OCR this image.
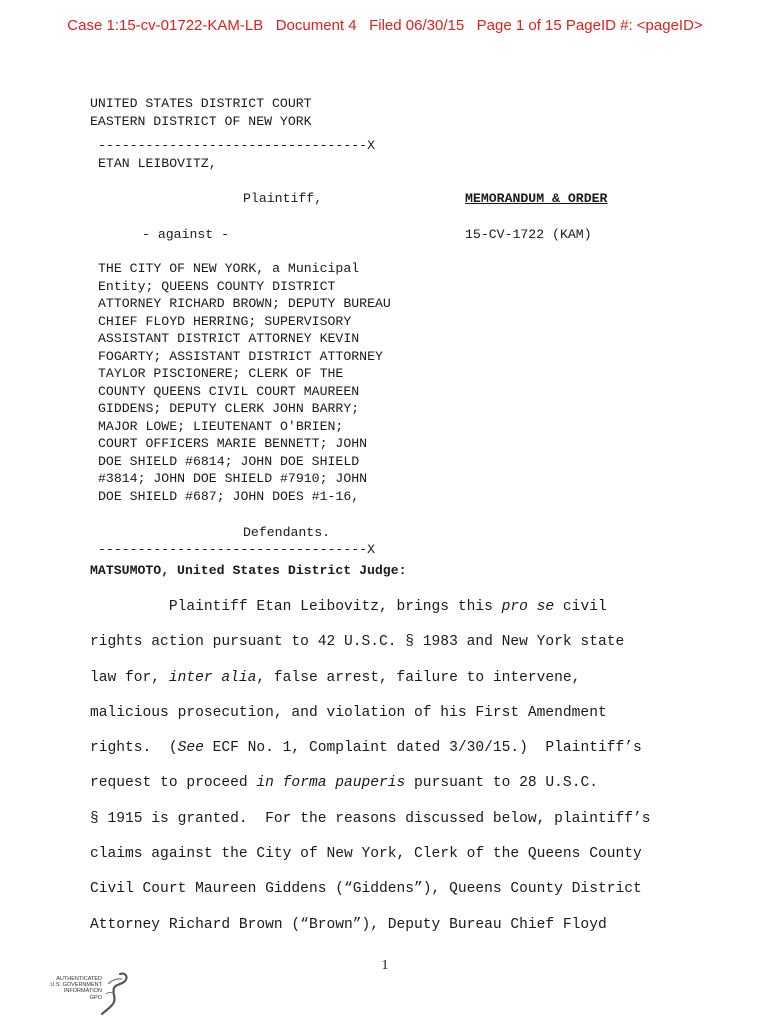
Case 1:15-cv-01722-KAM-LB   Document 4   Filed 06/30/15   Page 1 of 15 PageID #: <pageID>
UNITED STATES DISTRICT COURT
EASTERN DISTRICT OF NEW YORK
----------------------------------X
ETAN LEIBOVITZ,
Plaintiff,	MEMORANDUM & ORDER
- against -	15-CV-1722 (KAM)
THE CITY OF NEW YORK, a Municipal
Entity; QUEENS COUNTY DISTRICT
ATTORNEY RICHARD BROWN; DEPUTY BUREAU
CHIEF FLOYD HERRING; SUPERVISORY
ASSISTANT DISTRICT ATTORNEY KEVIN
FOGARTY; ASSISTANT DISTRICT ATTORNEY
TAYLOR PISCIONERE; CLERK OF THE
COUNTY QUEENS CIVIL COURT MAUREEN
GIDDENS; DEPUTY CLERK JOHN BARRY;
MAJOR LOWE; LIEUTENANT O'BRIEN;
COURT OFFICERS MARIE BENNETT; JOHN
DOE SHIELD #6814; JOHN DOE SHIELD
#3814; JOHN DOE SHIELD #7910; JOHN
DOE SHIELD #687; JOHN DOES #1-16,
Defendants.
----------------------------------X
MATSUMOTO, United States District Judge:
Plaintiff Etan Leibovitz, brings this pro se civil
rights action pursuant to 42 U.S.C. § 1983 and New York state
law for, inter alia, false arrest, failure to intervene,
malicious prosecution, and violation of his First Amendment
rights.  (See ECF No. 1, Complaint dated 3/30/15.)  Plaintiff’s
request to proceed in forma pauperis pursuant to 28 U.S.C.
§ 1915 is granted.  For the reasons discussed below, plaintiff’s
claims against the City of New York, Clerk of the Queens County
Civil Court Maureen Giddens (“Giddens”), Queens County District
Attorney Richard Brown (“Brown”), Deputy Bureau Chief Floyd
1
AUTHENTICATED
U.S. GOVERNMENT
INFORMATION
GPO
